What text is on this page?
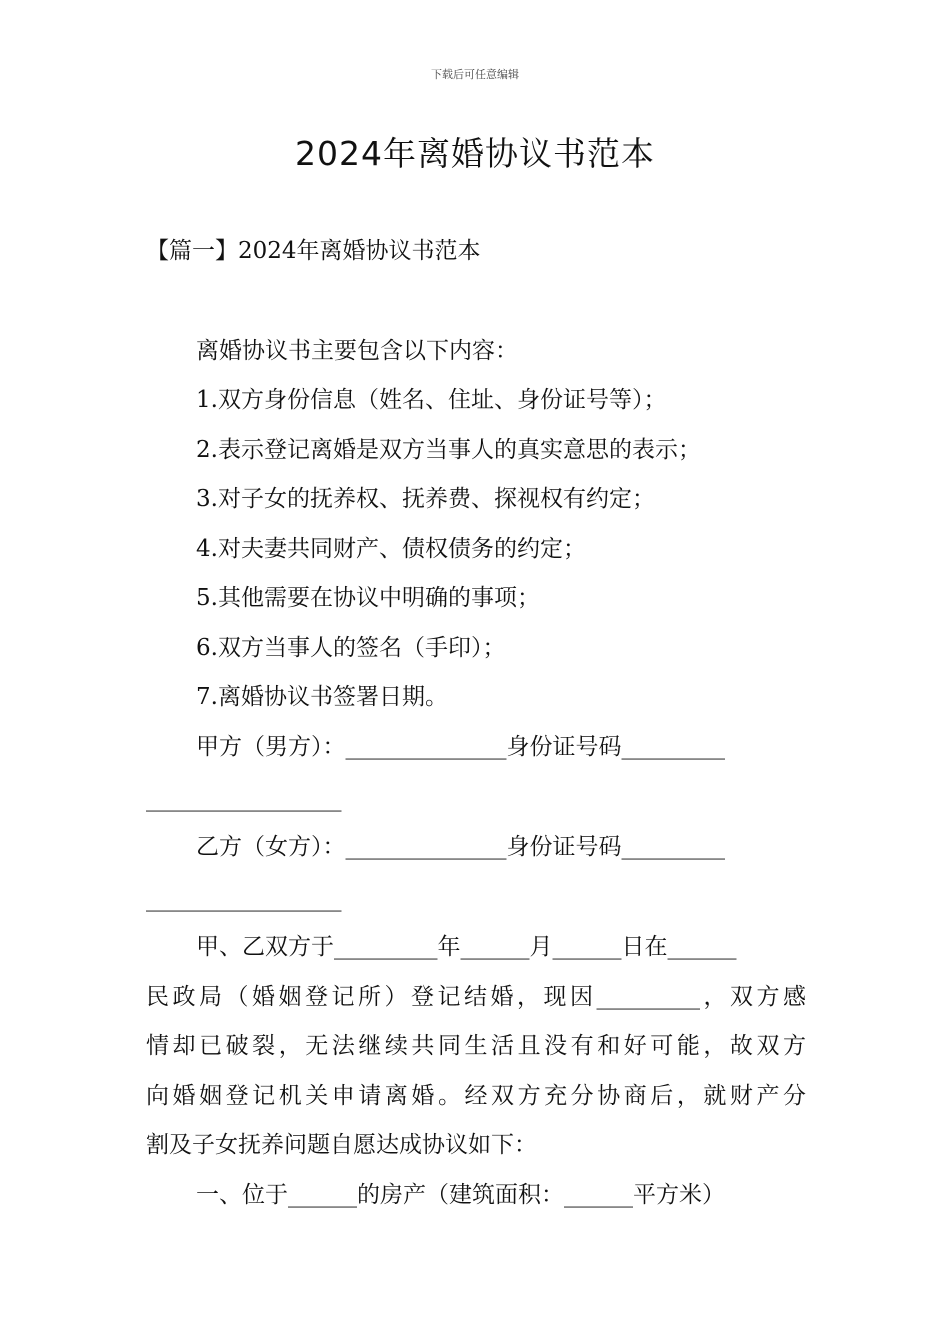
下载后可任意编辑
2024年离婚协议书范本
【篇一】2024年离婚协议书范本
离婚协议书主要包含以下内容：
1.双方身份信息（姓名、住址、身份证号等）；
2.表示登记离婚是双方当事人的真实意思的表示；
3.对子女的抚养权、抚养费、探视权有约定；
4.对夫妻共同财产、债权债务的约定；
5.其他需要在协议中明确的事项；
6.双方当事人的签名（手印）；
7.离婚协议书签署日期。
甲方（男方）：______________身份证号码_________
_________________
乙方（女方）：______________身份证号码_________
_________________
甲、乙双方于_________年______月______日在______
民政局（婚姻登记所）登记结婚，现因_________，双方感
情却已破裂，无法继续共同生活且没有和好可能，故双方
向婚姻登记机关申请离婚。经双方充分协商后，就财产分
割及子女抚养问题自愿达成协议如下：
一、位于______的房产（建筑面积：______平方米）
